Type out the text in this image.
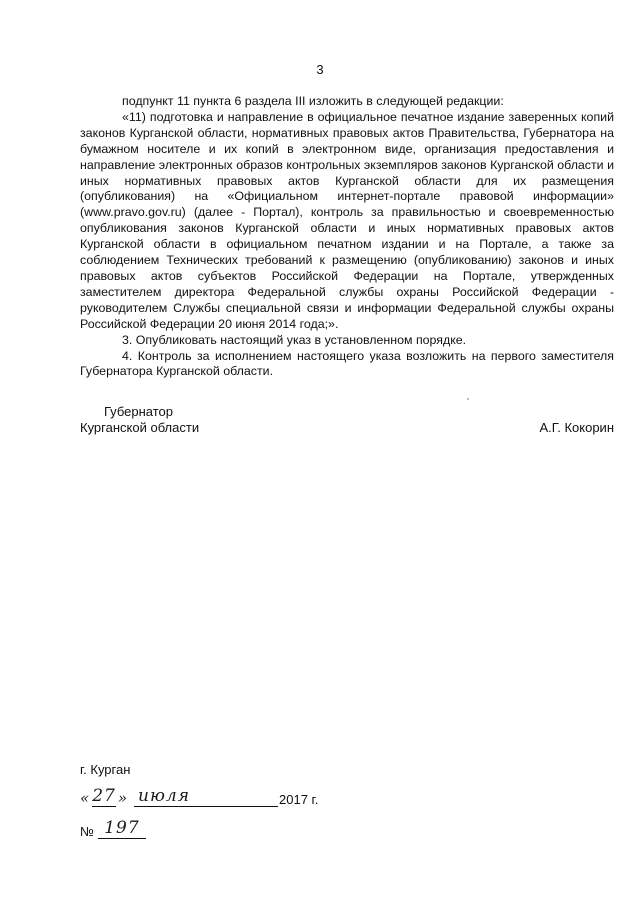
3

подпункт 11 пункта 6 раздела III изложить в следующей редакции:

«11) подготовка и направление в официальное печатное издание заверенных копий законов Курганской области, нормативных правовых актов Правительства, Губернатора на бумажном носителе и их копий в электронном виде, организация предоставления и направление электронных образов контрольных экземпляров законов Курганской области и иных нормативных правовых актов Курганской области для их размещения (опубликования) на «Официальном интернет-портале правовой информации» (www.pravo.gov.ru) (далее - Портал), контроль за правильностью и своевременностью опубликования законов Курганской области и иных нормативных правовых актов Курганской области в официальном печатном издании и на Портале, а также за соблюдением Технических требований к размещению (опубликованию) законов и иных правовых актов субъектов Российской Федерации на Портале, утвержденных заместителем директора Федеральной службы охраны Российской Федерации - руководителем Службы специальной связи и информации Федеральной службы охраны Российской Федерации 20 июня 2014 года;».

3. Опубликовать настоящий указ в установленном порядке.

4. Контроль за исполнением настоящего указа возложить на первого заместителя Губернатора Курганской области.

Губернатор
Курганской области	А.Г. Кокорин
г. Курган
« 27 » июля	2017 г.
№ 197
